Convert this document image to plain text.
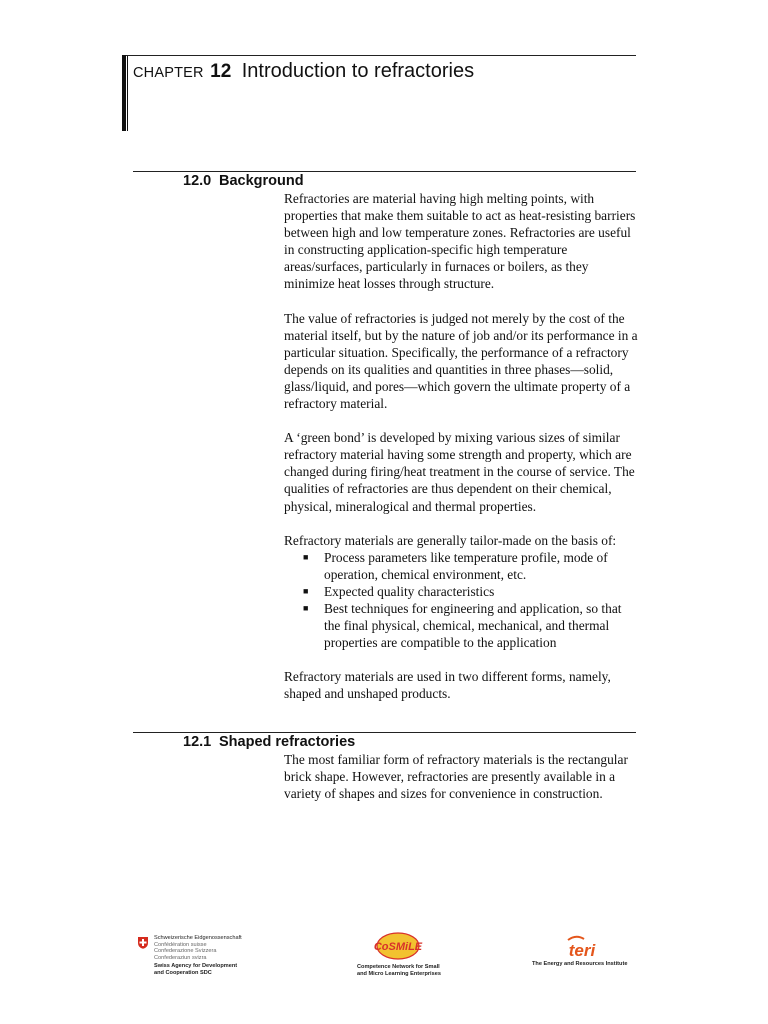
CHAPTER 12 Introduction to refractories
12.0 Background

Refractories are material having high melting points, with properties that make them suitable to act as heat-resisting barriers between high and low temperature zones. Refractories are useful in constructing application-specific high temperature areas/surfaces, particularly in furnaces or boilers, as they minimize heat losses through structure.

The value of refractories is judged not merely by the cost of the material itself, but by the nature of job and/or its performance in a particular situation. Specifically, the performance of a refractory depends on its qualities and quantities in three phases—solid, glass/liquid, and pores—which govern the ultimate property of a refractory material.

A ‘green bond’ is developed by mixing various sizes of similar refractory material having some strength and property, which are changed during firing/heat treatment in the course of service. The qualities of refractories are thus dependent on their chemical, physical, mineralogical and thermal properties.

Refractory materials are generally tailor-made on the basis of:

■ Process parameters like temperature profile, mode of operation, chemical environment, etc.
■ Expected quality characteristics
■ Best techniques for engineering and application, so that the final physical, chemical, mechanical, and thermal properties are compatible to the application

Refractory materials are used in two different forms, namely, shaped and unshaped products.

12.1 Shaped refractories

The most familiar form of refractory materials is the rectangular brick shape. However, refractories are presently available in a variety of shapes and sizes for convenience in construction.

Schweizerische Eidgenossenschaft
Confédération suisse
Confederazione Svizzera
Confederaziun svizra
Swiss Agency for Development
and Cooperation SDC
CoSMiLE
Competence Network for Small
and Micro Learning Enterprises
teri
The Energy and Resources Institute
